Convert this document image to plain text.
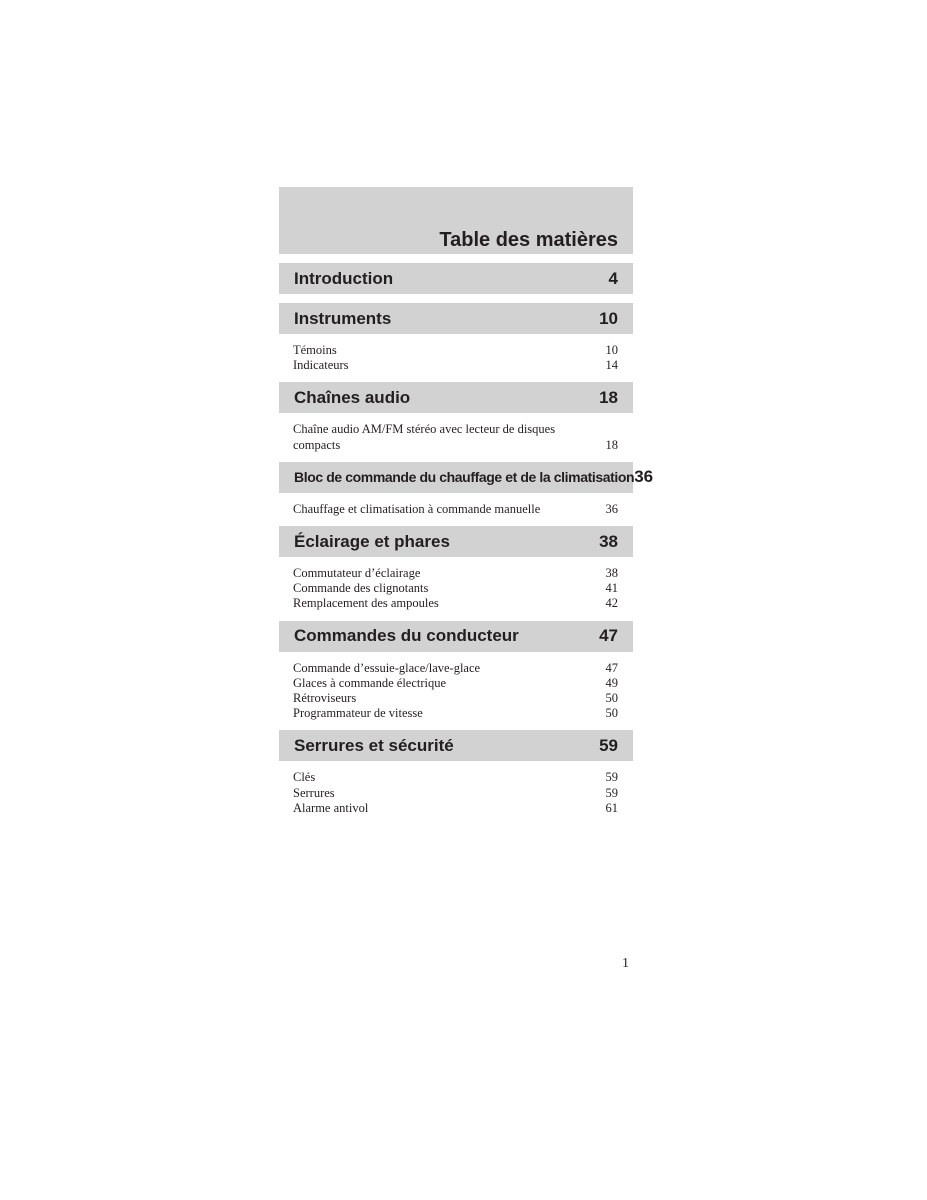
Table des matières
Introduction	4
Instruments	10
Témoins	10
Indicateurs	14
Chaînes audio	18
Chaîne audio AM/FM stéréo avec lecteur de disques compacts	18
Bloc de commande du chauffage et de la climatisation 36
Chauffage et climatisation à commande manuelle	36
Éclairage et phares	38
Commutateur d’éclairage	38
Commande des clignotants	41
Remplacement des ampoules	42
Commandes du conducteur	47
Commande d’essuie-glace/lave-glace	47
Glaces à commande électrique	49
Rétroviseurs	50
Programmateur de vitesse	50
Serrures et sécurité	59
Clés	59
Serrures	59
Alarme antivol	61
1
